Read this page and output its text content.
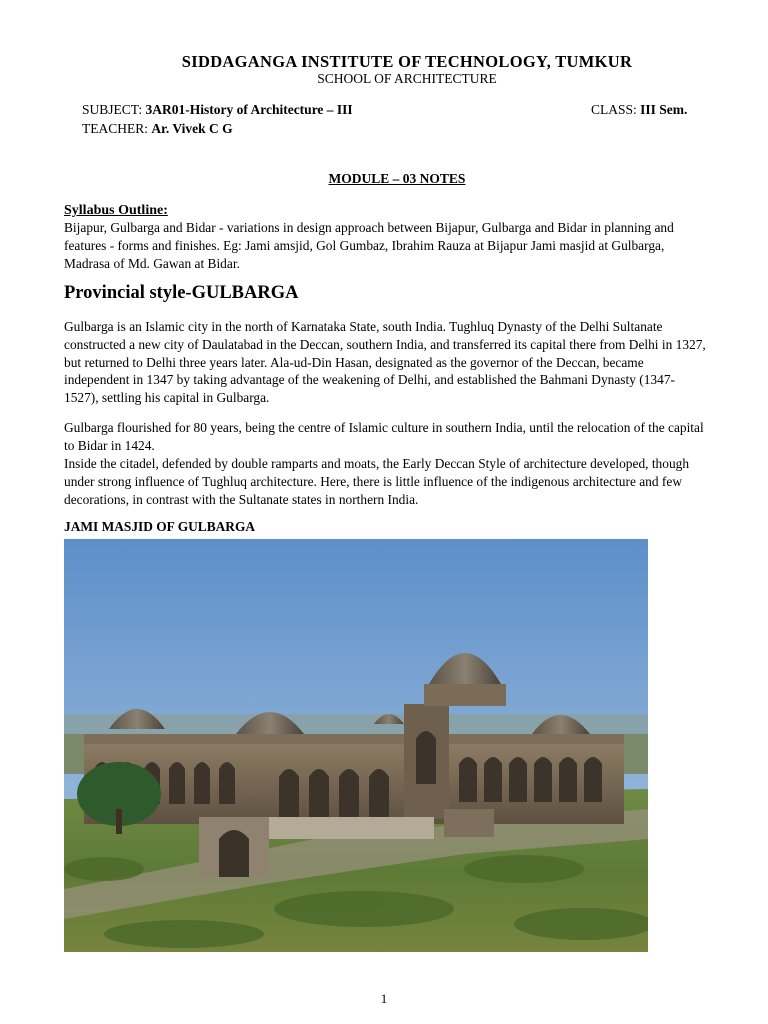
SIDDAGANGA INSTITUTE OF TECHNOLOGY, TUMKUR
SCHOOL OF ARCHITECTURE
SUBJECT: 3AR01-History of Architecture – III	CLASS: III Sem.
TEACHER: Ar. Vivek C G
MODULE – 03 NOTES
Syllabus Outline:
Bijapur, Gulbarga and Bidar - variations in design approach between Bijapur, Gulbarga and Bidar in planning and features - forms and finishes. Eg: Jami amsjid, Gol Gumbaz, Ibrahim Rauza at Bijapur Jami masjid at Gulbarga, Madrasa of Md. Gawan at Bidar.
Provincial style-GULBARGA
Gulbarga is an Islamic city in the north of Karnataka State, south India. Tughluq Dynasty of the Delhi Sultanate constructed a new city of Daulatabad in the Deccan, southern India, and transferred its capital there from Delhi in 1327, but returned to Delhi three years later. Ala-ud-Din Hasan, designated as the governor of the Deccan, became independent in 1347 by taking advantage of the weakening of Delhi, and established the Bahmani Dynasty (1347-1527), settling his capital in Gulbarga.
Gulbarga flourished for 80 years, being the centre of Islamic culture in southern India, until the relocation of the capital to Bidar in 1424.
Inside the citadel, defended by double ramparts and moats, the Early Deccan Style of architecture developed, though under strong influence of Tughluq architecture. Here, there is little influence of the indigenous architecture and few decorations, in contrast with the Sultanate states in northern India.
JAMI MASJID OF GULBARGA
1
